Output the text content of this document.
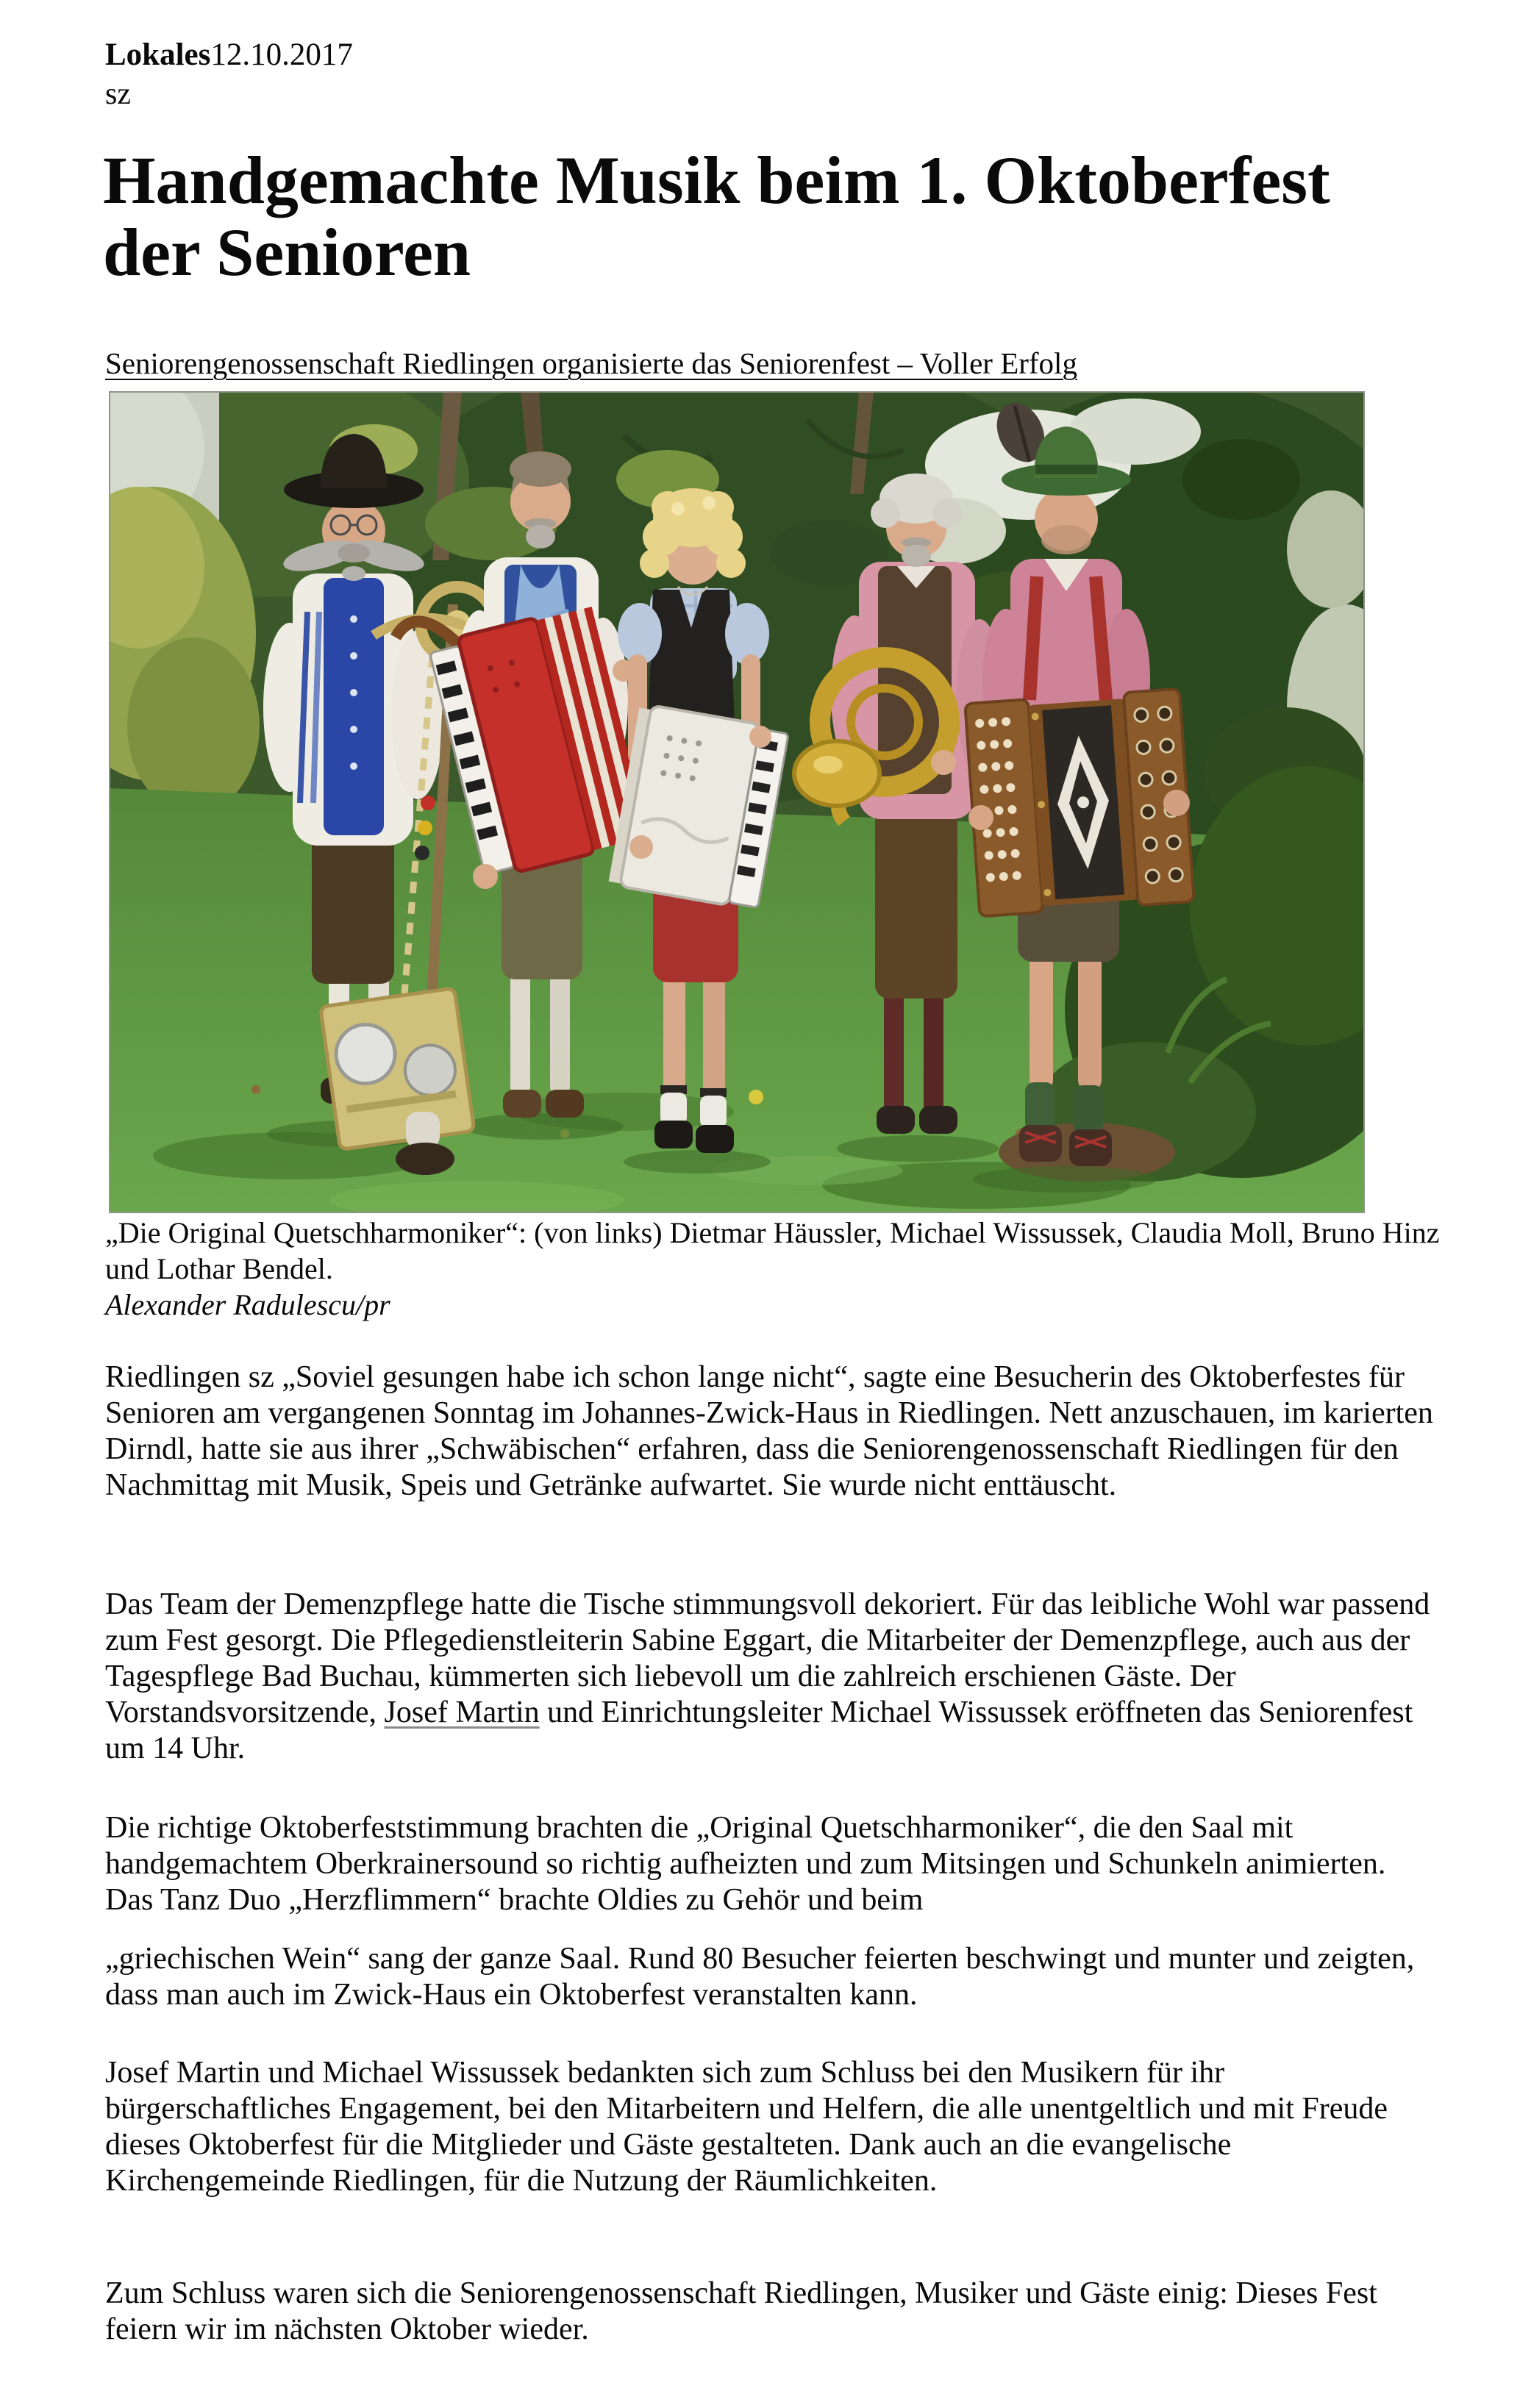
Lokales12.10.2017
sz
Handgemachte Musik beim 1. Oktoberfest der Senioren
Seniorengenossenschaft Riedlingen organisierte das Seniorenfest – Voller Erfolg

„Die Original Quetschharmoniker“: (von links) Dietmar Häussler, Michael Wissussek, Claudia Moll, Bruno Hinz und Lothar Bendel.

Alexander Radulescu/pr

Riedlingen sz „Soviel gesungen habe ich schon lange nicht“, sagte eine Besucherin des Oktoberfestes für Senioren am vergangenen Sonntag im Johannes-Zwick-Haus in Riedlingen. Nett anzuschauen, im karierten Dirndl, hatte sie aus ihrer „Schwäbischen“ erfahren, dass die Seniorengenossenschaft Riedlingen für den Nachmittag mit Musik, Speis und Getränke aufwartet. Sie wurde nicht enttäuscht.

Das Team der Demenzpflege hatte die Tische stimmungsvoll dekoriert. Für das leibliche Wohl war passend zum Fest gesorgt. Die Pflegedienstleiterin Sabine Eggart, die Mitarbeiter der Demenzpflege, auch aus der Tagespflege Bad Buchau, kümmerten sich liebevoll um die zahlreich erschienen Gäste. Der Vorstandsvorsitzende, Josef Martin und Einrichtungsleiter Michael Wissussek eröffneten das Seniorenfest um 14 Uhr.

Die richtige Oktoberfeststimmung brachten die „Original Quetschharmoniker“, die den Saal mit handgemachtem Oberkrainersound so richtig aufheizten und zum Mitsingen und Schunkeln animierten. Das Tanz Duo „Herzflimmern“ brachte Oldies zu Gehör und beim

„griechischen Wein“ sang der ganze Saal. Rund 80 Besucher feierten beschwingt und munter und zeigten, dass man auch im Zwick-Haus ein Oktoberfest veranstalten kann.

Josef Martin und Michael Wissussek bedankten sich zum Schluss bei den Musikern für ihr bürgerschaftliches Engagement, bei den Mitarbeitern und Helfern, die alle unentgeltlich und mit Freude dieses Oktoberfest für die Mitglieder und Gäste gestalteten. Dank auch an die evangelische Kirchengemeinde Riedlingen, für die Nutzung der Räumlichkeiten.

Zum Schluss waren sich die Seniorengenossenschaft Riedlingen, Musiker und Gäste einig: Dieses Fest feiern wir im nächsten Oktober wieder.
